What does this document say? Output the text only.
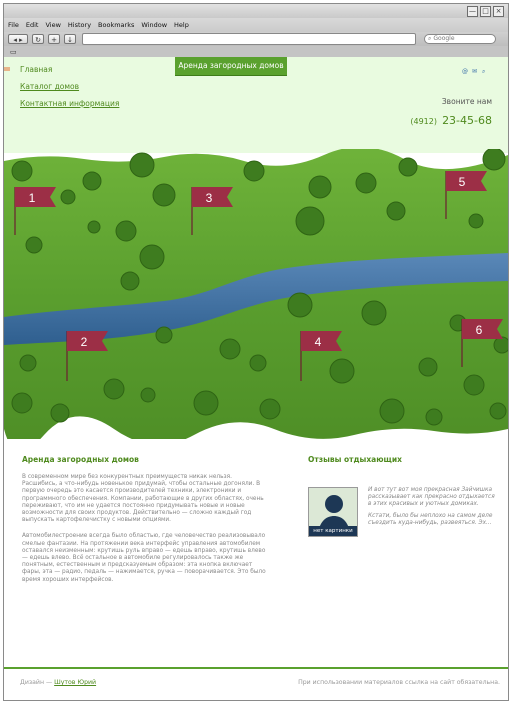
— □ ×
File Edit View History Bookmarks Window Help
◂ ▸	↻	+	↓	⌕ Google
▭
Главная
Каталог домов
Контактная информация
Аренда загородных домов
@ ✉ ⌕
Звоните нам
(4912) 23-45-68
1
2
3
4
5
6
Аренда загородных домов

В современном мире без конкурентных преимуществ никак нельзя. Расшибись, а что-нибудь новенькое придумай, чтобы остальные догоняли. В первую очередь это касается производителей техники, электроники и программного обеспечения. Компании, работающие в других областях, очень переживают, что им не удается постоянно придумывать новые и новые возможности для своих продуктов. Действительно — сложно каждый год выпускать картофелечистку с новыми опциями.

Автомобилестроение всегда было областью, где человечество реализовывало смелые фантазии. На протяжении века интерфейс управления автомобилем оставался неизменным: крутишь руль вправо — едешь вправо, крутишь влево — едешь влево. Всё остальное в автомобиле регулировалось также же понятным, естественным и предсказуемым образом: эта кнопка включает фары, эта — радио, педаль — нажимается, ручка — поворачивается. Это было время хороших интерфейсов.

Отзывы отдыхающих
нет картинки

И вот тут вот моя прекрасная Зайчишка рассказывает как прекрасно отдыхается в этих красивых и уютных домиках.

Кстати, было бы неплохо на самом деле съездить куда-нибудь, развеяться. Эх...

Дизайн — Шутов Юрий	При использовании материалов ссылка на сайт обязательна.
